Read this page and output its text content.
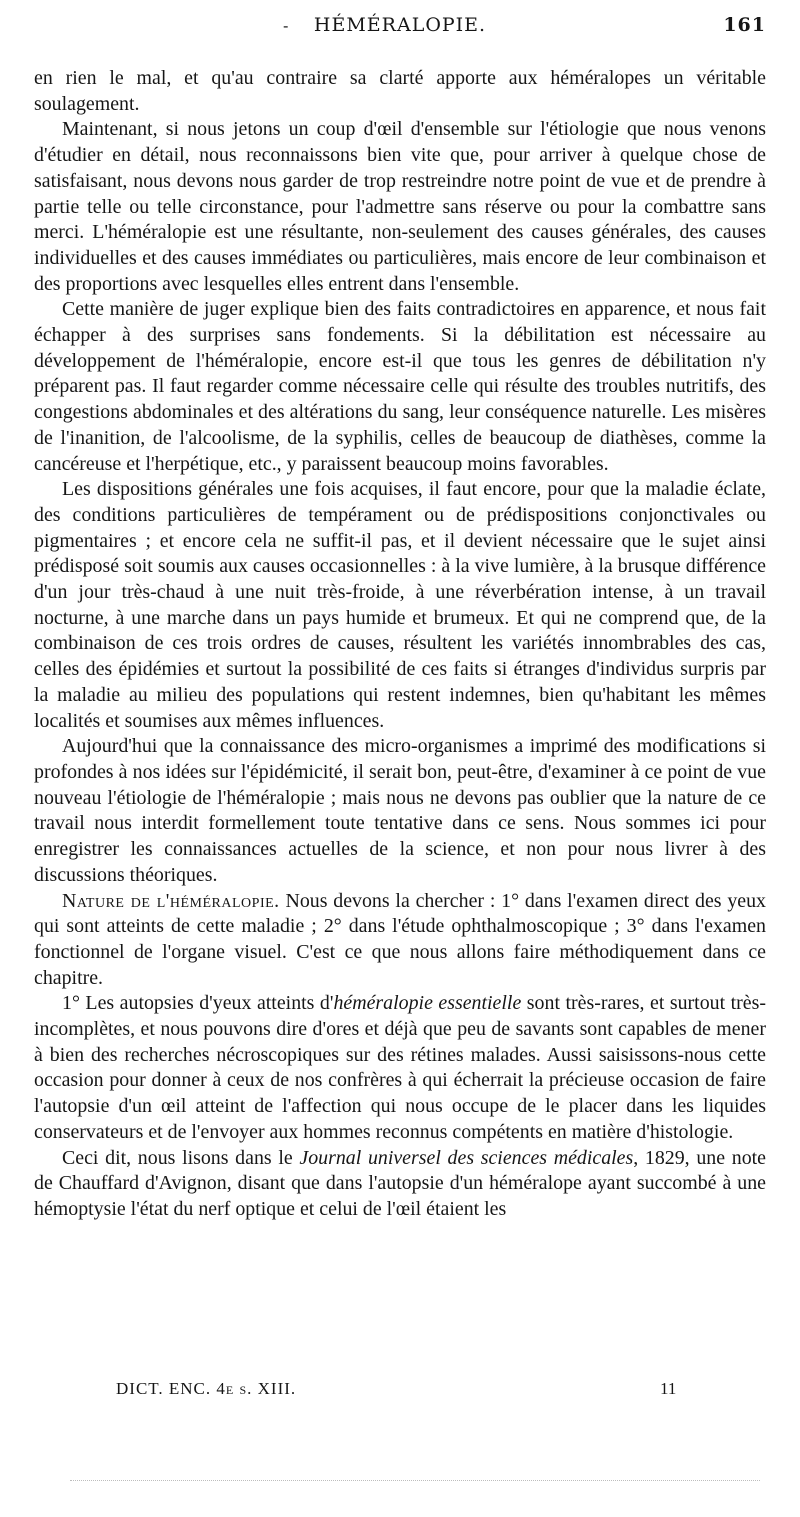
-	HÉMÉRALOPIE.	161

en rien le mal, et qu'au contraire sa clarté apporte aux héméralopes un véritable soulagement.

Maintenant, si nous jetons un coup d'œil d'ensemble sur l'étiologie que nous venons d'étudier en détail, nous reconnaissons bien vite que, pour arriver à quelque chose de satisfaisant, nous devons nous garder de trop restreindre notre point de vue et de prendre à partie telle ou telle circonstance, pour l'admettre sans réserve ou pour la combattre sans merci. L'héméralopie est une résultante, non-seulement des causes générales, des causes individuelles et des causes immédiates ou particulières, mais encore de leur combinaison et des proportions avec lesquelles elles entrent dans l'ensemble.

Cette manière de juger explique bien des faits contradictoires en apparence, et nous fait échapper à des surprises sans fondements. Si la débilitation est nécessaire au développement de l'héméralopie, encore est-il que tous les genres de débilitation n'y préparent pas. Il faut regarder comme nécessaire celle qui résulte des troubles nutritifs, des congestions abdominales et des altérations du sang, leur conséquence naturelle. Les misères de l'inanition, de l'alcoolisme, de la syphilis, celles de beaucoup de diathèses, comme la cancéreuse et l'herpétique, etc., y paraissent beaucoup moins favorables.

Les dispositions générales une fois acquises, il faut encore, pour que la maladie éclate, des conditions particulières de tempérament ou de prédispositions conjonctivales ou pigmentaires ; et encore cela ne suffit-il pas, et il devient nécessaire que le sujet ainsi prédisposé soit soumis aux causes occasionnelles : à la vive lumière, à la brusque différence d'un jour très-chaud à une nuit très-froide, à une réverbération intense, à un travail nocturne, à une marche dans un pays humide et brumeux. Et qui ne comprend que, de la combinaison de ces trois ordres de causes, résultent les variétés innombrables des cas, celles des épidémies et surtout la possibilité de ces faits si étranges d'individus surpris par la maladie au milieu des populations qui restent indemnes, bien qu'habitant les mêmes localités et soumises aux mêmes influences.

Aujourd'hui que la connaissance des micro-organismes a imprimé des modifications si profondes à nos idées sur l'épidémicité, il serait bon, peut-être, d'examiner à ce point de vue nouveau l'étiologie de l'héméralopie ; mais nous ne devons pas oublier que la nature de ce travail nous interdit formellement toute tentative dans ce sens. Nous sommes ici pour enregistrer les connaissances actuelles de la science, et non pour nous livrer à des discussions théoriques.

Nature de l'héméralopie. Nous devons la chercher : 1° dans l'examen direct des yeux qui sont atteints de cette maladie ; 2° dans l'étude ophthalmoscopique ; 3° dans l'examen fonctionnel de l'organe visuel. C'est ce que nous allons faire méthodiquement dans ce chapitre.

1° Les autopsies d'yeux atteints d'héméralopie essentielle sont très-rares, et surtout très-incomplètes, et nous pouvons dire d'ores et déjà que peu de savants sont capables de mener à bien des recherches nécroscopiques sur des rétines malades. Aussi saisissons-nous cette occasion pour donner à ceux de nos confrères à qui écherrait la précieuse occasion de faire l'autopsie d'un œil atteint de l'affection qui nous occupe de le placer dans les liquides conservateurs et de l'envoyer aux hommes reconnus compétents en matière d'histologie.

Ceci dit, nous lisons dans le Journal universel des sciences médicales, 1829, une note de Chauffard d'Avignon, disant que dans l'autopsie d'un héméralope ayant succombé à une hémoptysie l'état du nerf optique et celui de l'œil étaient les

DICT. ENC. 4e s. XIII.	11
